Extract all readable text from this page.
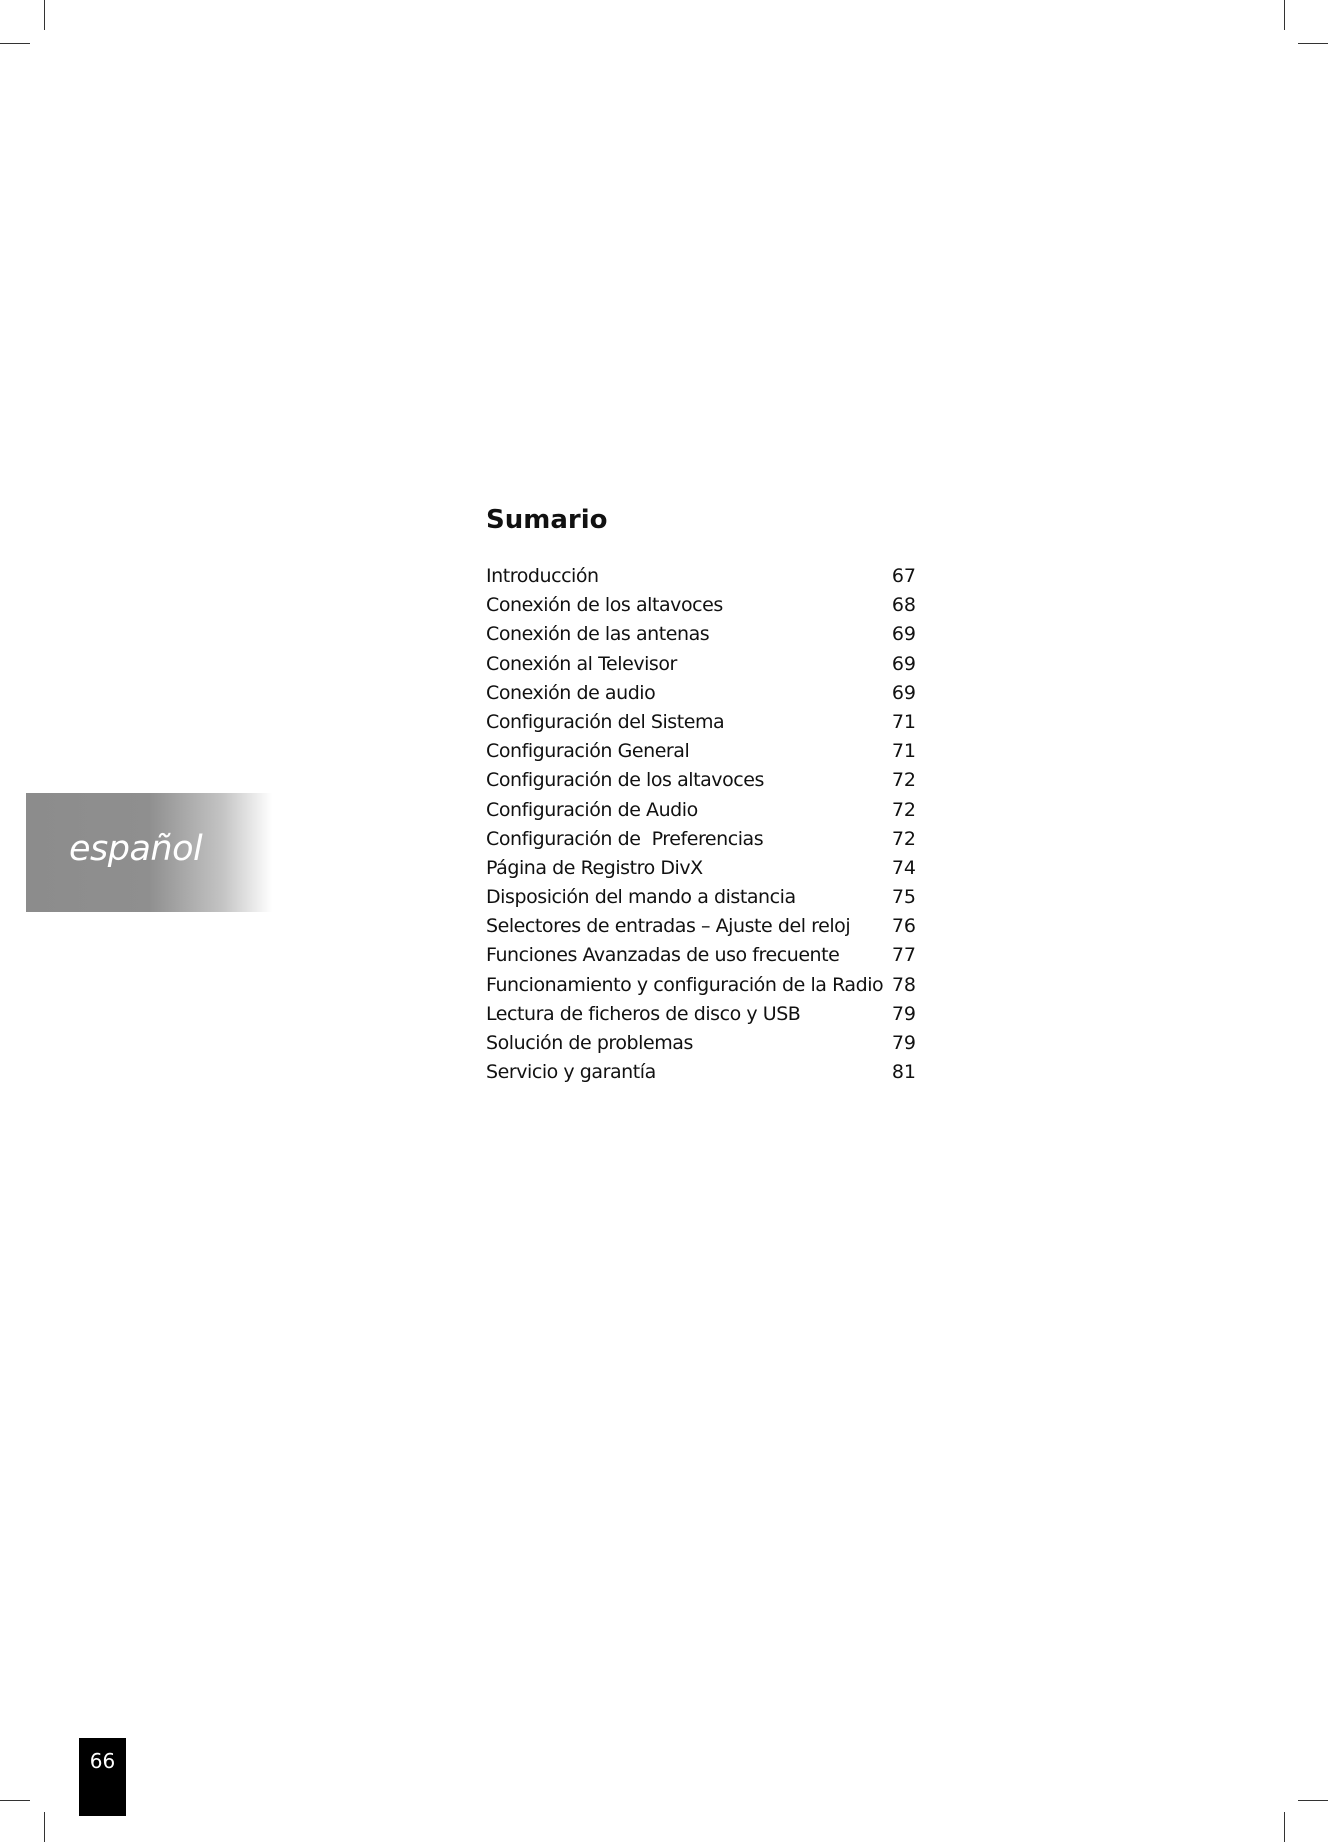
Sumario
Introducción	67
Conexión de los altavoces	68
Conexión de las antenas	69
Conexión al Televisor	69
Conexión de audio	69
Configuración del Sistema	71
Configuración General	71
Configuración de los altavoces	72
Configuración de Audio	72
Configuración de  Preferencias	72
Página de Registro DivX	74
Disposición del mando a distancia	75
Selectores de entradas – Ajuste del reloj 76
Funciones Avanzadas de uso frecuente	77
Funcionamiento y configuración de la Radio 78
Lectura de ficheros de disco y USB	79
Solución de problemas	79
Servicio y garantía	81
español
66
